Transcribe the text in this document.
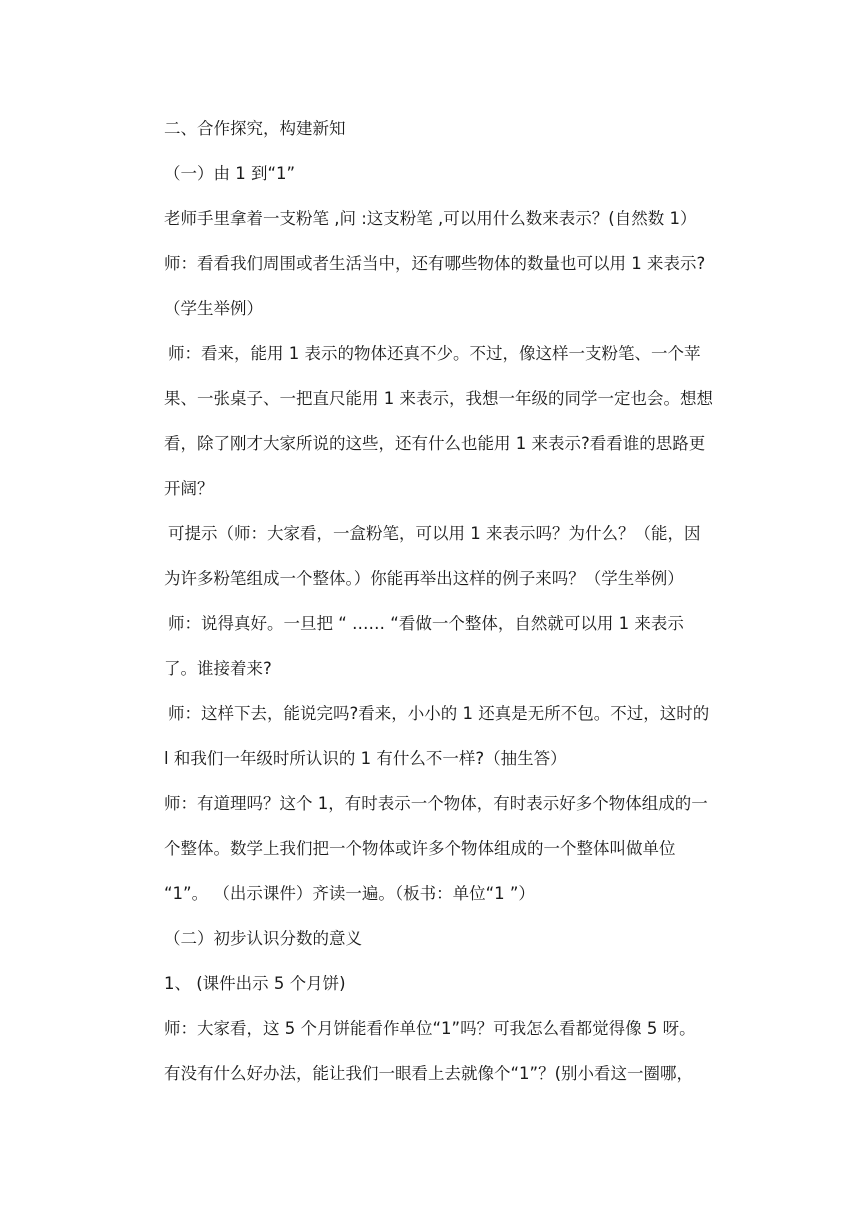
二、合作探究，构建新知
（一）由 1 到“1”
老师手里拿着一支粉笔 ,问 :这支粉笔 ,可以用什么数来表示？(自然数 1）
师：看看我们周围或者生活当中，还有哪些物体的数量也可以用 1 来表示?
（学生举例）
师：看来，能用 1 表示的物体还真不少。不过，像这样一支粉笔、一个苹
果、一张桌子、一把直尺能用 1 来表示，我想一年级的同学一定也会。想想
看，除了刚才大家所说的这些，还有什么也能用 1 来表示?看看谁的思路更
开阔？
可提示（师：大家看，一盒粉笔，可以用 1 来表示吗？为什么？（能，因
为许多粉笔组成一个整体。）你能再举出这样的例子来吗？（学生举例）
师：说得真好。一旦把 “ …… “看做一个整体，自然就可以用 1 来表示
了。谁接着来?
师：这样下去，能说完吗?看来，小小的 1 还真是无所不包。不过，这时的
l 和我们一年级时所认识的 1 有什么不一样?（抽生答）
师：有道理吗？这个 1，有时表示一个物体，有时表示好多个物体组成的一
个整体。数学上我们把一个物体或许多个物体组成的一个整体叫做单位
“1”。 （出示课件）齐读一遍。（板书：单位“1 ”）
（二）初步认识分数的意义
1、 (课件出示 5 个月饼)
师：大家看，这 5 个月饼能看作单位“1”吗？可我怎么看都觉得像 5 呀。
有没有什么好办法，能让我们一眼看上去就像个“1”？(别小看这一圈哪，
